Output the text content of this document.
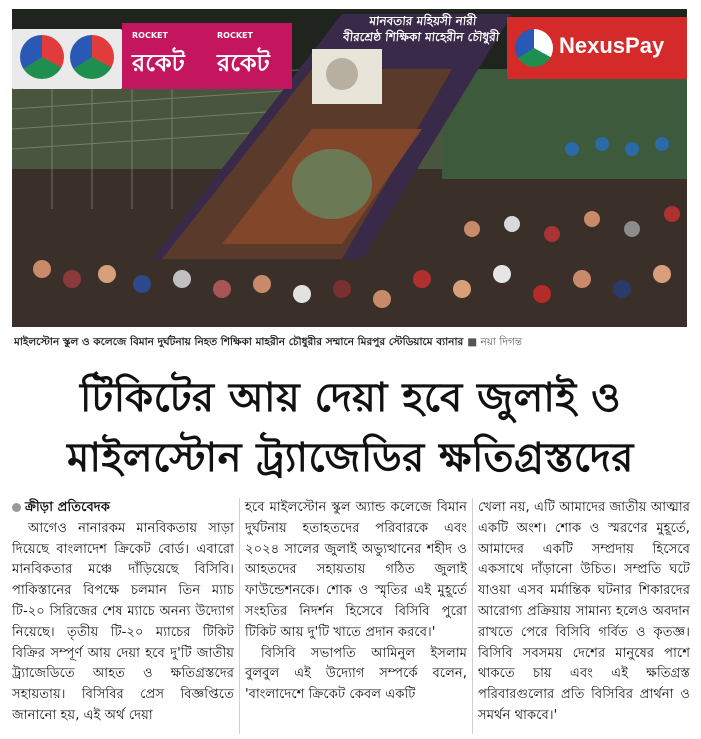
ROCKET
রকেট
ROCKET
রকেট
মানবতার মহিয়সী নারী
বীরশ্রেষ্ঠ শিক্ষিকা মাহেরীন চৌধুরী	NexusPay
মাইলস্টোন স্কুল ও কলেজে বিমান দুর্ঘটনায় নিহত শিক্ষিকা মাহরীন চৌধুরীর সম্মানে মিরপুর স্টেডিয়ামে ব্যানার ■ নয়া দিগন্ত
টিকিটের আয় দেয়া হবে জুলাই ও
মাইলস্টোন ট্র্যাজেডির ক্ষতিগ্রস্তদের
ক্রীড়া প্রতিবেদক
আগেও নানারকম মানবিকতায় সাড়া দিয়েছে বাংলাদেশ ক্রিকেট বোর্ড। এবারো মানবিকতার মঞ্চে দাঁড়িয়েছে বিসিবি। পাকিস্তানের বিপক্ষে চলমান তিন ম্যাচ টি-২০ সিরিজের শেষ ম্যাচে অনন্য উদ্যোগ নিয়েছে। তৃতীয় টি-২০ ম্যাচের টিকিট বিক্রির সম্পূর্ণ আয় দেয়া হবে দু'টি জাতীয় ট্র্যাজেডিতে আহত ও ক্ষতিগ্রস্তদের সহায়তায়। বিসিবির প্রেস বিজ্ঞপ্তিতে জানানো হয়, এই অর্থ দেয়া
হবে মাইলস্টোন স্কুল অ্যান্ড কলেজে বিমান দুর্ঘটনায় হতাহতদের পরিবারকে এবং ২০২৪ সালের জুলাই অভ্যুত্থানের শহীদ ও আহতদের সহায়তায় গঠিত জুলাই ফাউন্ডেশনকে। শোক ও স্মৃতির এই মুহূর্তে সংহতির নিদর্শন হিসেবে বিসিবি পুরো টিকিট আয় দু'টি খাতে প্রদান করবে।'
বিসিবি সভাপতি আমিনুল ইসলাম বুলবুল এই উদ্যোগ সম্পর্কে বলেন, 'বাংলাদেশে ক্রিকেট কেবল একটি
খেলা নয়, এটি আমাদের জাতীয় আত্মার একটি অংশ। শোক ও স্মরণের মুহূর্তে, আমাদের একটি সম্প্রদায় হিসেবে একসাথে দাঁড়ানো উচিত। সম্প্রতি ঘটে যাওয়া এসব মর্মান্তিক ঘটনার শিকারদের আরোগ্য প্রক্রিয়ায় সামান্য হলেও অবদান রাখতে পেরে বিসিবি গর্বিত ও কৃতজ্ঞ। বিসিবি সবসময় দেশের মানুষের পাশে থাকতে চায় এবং এই ক্ষতিগ্রস্ত পরিবারগুলোর প্রতি বিসিবির প্রার্থনা ও সমর্থন থাকবে।'
